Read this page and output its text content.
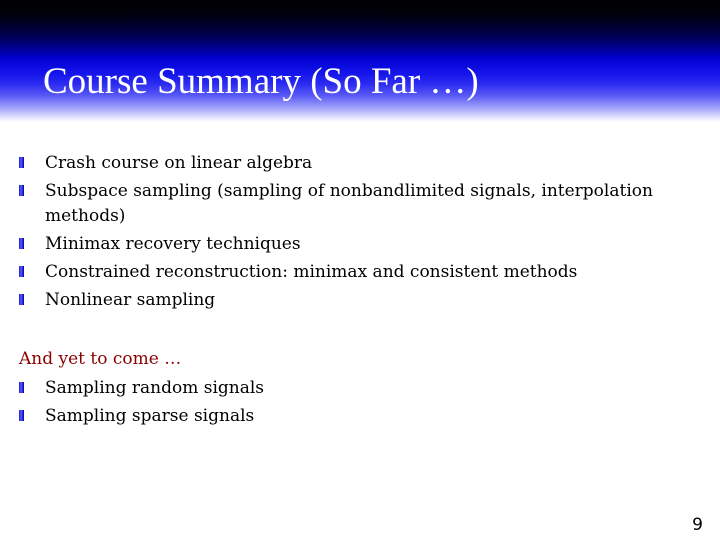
Course Summary (So Far …)
Crash course on linear algebra
Subspace sampling (sampling of nonbandlimited signals, interpolation methods)
Minimax recovery techniques
Constrained reconstruction: minimax and consistent methods
Nonlinear sampling
And yet to come …
Sampling random signals
Sampling sparse signals
9
